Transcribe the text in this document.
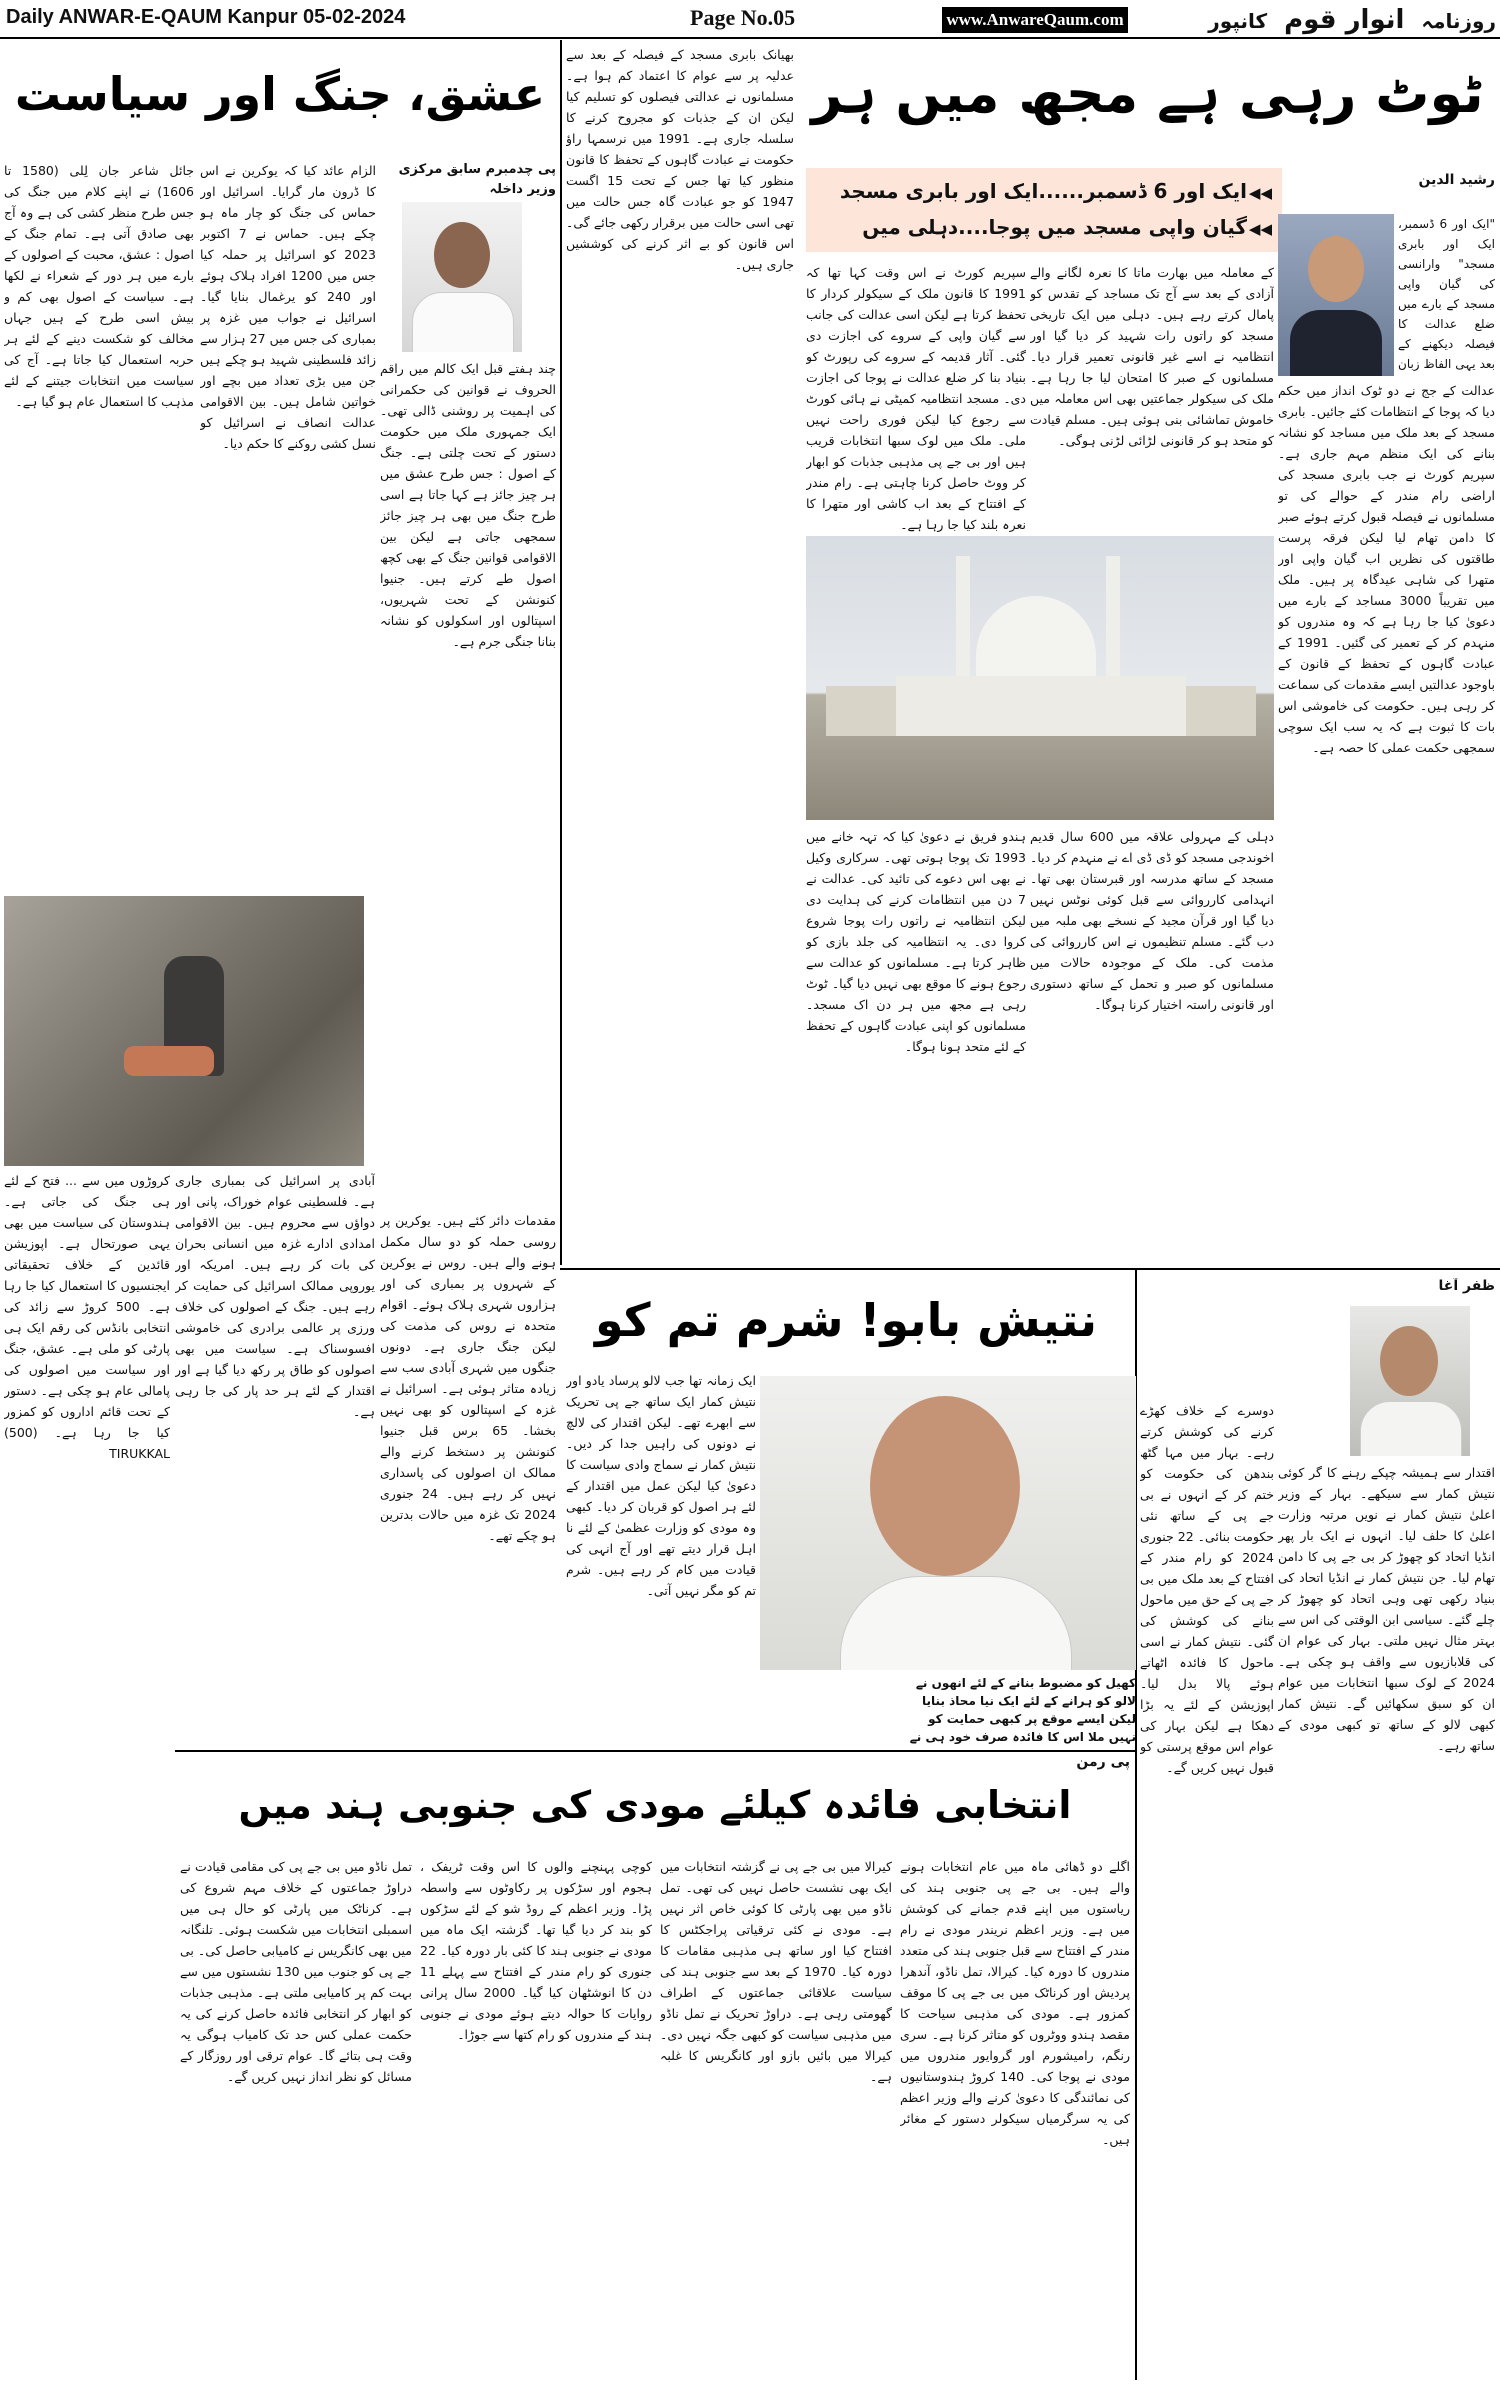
Daily ANWAR-E-QAUM Kanpur 05-02-2024	Page No.05	www.AnwareQaum.com	روزنامہ انوارِ قوم کانپور
ٹوٹ رہی ہے مجھ میں ہر
رشید الدین
◀◀ ایک اور 6 ڈسمبر......ایک اور بابری مسجد
◀◀ گیان واپی مسجد میں پوجا....دہلی میں	"ایک اور 6 ڈسمبر، ایک اور بابری مسجد" وارانسی کی گیان واپی مسجد کے بارے میں ضلع عدالت کا فیصلہ دیکھنے کے بعد یہی الفاظ زبان
عدالت کے جج نے دو ٹوک انداز میں حکم دیا کہ پوجا کے انتظامات کئے جائیں۔ بابری مسجد کے بعد ملک میں مساجد کو نشانہ بنانے کی ایک منظم مہم جاری ہے۔ سپریم کورٹ نے جب بابری مسجد کی اراضی رام مندر کے حوالے کی تو مسلمانوں نے فیصلہ قبول کرتے ہوئے صبر کا دامن تھام لیا لیکن فرقہ پرست طاقتوں کی نظریں اب گیان واپی اور متھرا کی شاہی عیدگاہ پر ہیں۔ ملک میں تقریباً 3000 مساجد کے بارے میں دعویٰ کیا جا رہا ہے کہ وہ مندروں کو منہدم کر کے تعمیر کی گئیں۔ 1991 کے عبادت گاہوں کے تحفظ کے قانون کے باوجود عدالتیں ایسے مقدمات کی سماعت کر رہی ہیں۔ حکومت کی خاموشی اس بات کا ثبوت ہے کہ یہ سب ایک سوچی سمجھی حکمت عملی کا حصہ ہے۔
کے معاملہ میں بھارت ماتا کا نعرہ لگانے والے آزادی کے بعد سے آج تک مساجد کے تقدس کو پامال کرتے رہے ہیں۔ دہلی میں ایک تاریخی مسجد کو راتوں رات شہید کر دیا گیا اور انتظامیہ نے اسے غیر قانونی تعمیر قرار دیا۔ مسلمانوں کے صبر کا امتحان لیا جا رہا ہے۔ ملک کی سیکولر جماعتیں بھی اس معاملہ میں خاموش تماشائی بنی ہوئی ہیں۔ مسلم قیادت کو متحد ہو کر قانونی لڑائی لڑنی ہوگی۔
سپریم کورٹ نے اس وقت کہا تھا کہ 1991 کا قانون ملک کے سیکولر کردار کا تحفظ کرتا ہے لیکن اسی عدالت کی جانب سے گیان واپی کے سروے کی اجازت دی گئی۔ آثار قدیمہ کے سروے کی رپورٹ کو بنیاد بنا کر ضلع عدالت نے پوجا کی اجازت دی۔ مسجد انتظامیہ کمیٹی نے ہائی کورٹ سے رجوع کیا لیکن فوری راحت نہیں ملی۔ ملک میں لوک سبھا انتخابات قریب ہیں اور بی جے پی مذہبی جذبات کو ابھار کر ووٹ حاصل کرنا چاہتی ہے۔ رام مندر کے افتتاح کے بعد اب کاشی اور متھرا کا نعرہ بلند کیا جا رہا ہے۔
بھیانک بابری مسجد کے فیصلہ کے بعد سے عدلیہ پر سے عوام کا اعتماد کم ہوا ہے۔ مسلمانوں نے عدالتی فیصلوں کو تسلیم کیا لیکن ان کے جذبات کو مجروح کرنے کا سلسلہ جاری ہے۔ 1991 میں نرسمہا راؤ حکومت نے عبادت گاہوں کے تحفظ کا قانون منظور کیا تھا جس کے تحت 15 اگست 1947 کو جو عبادت گاہ جس حالت میں تھی اسی حالت میں برقرار رکھی جائے گی۔ اس قانون کو بے اثر کرنے کی کوششیں جاری ہیں۔
دہلی کے مہرولی علاقہ میں 600 سال قدیم اخوندجی مسجد کو ڈی ڈی اے نے منہدم کر دیا۔ مسجد کے ساتھ مدرسہ اور قبرستان بھی تھا۔ انہدامی کارروائی سے قبل کوئی نوٹس نہیں دیا گیا اور قرآن مجید کے نسخے بھی ملبہ میں دب گئے۔ مسلم تنظیموں نے اس کارروائی کی مذمت کی۔ ملک کے موجودہ حالات میں مسلمانوں کو صبر و تحمل کے ساتھ دستوری اور قانونی راستہ اختیار کرنا ہوگا۔
ہندو فریق نے دعویٰ کیا کہ تہہ خانے میں 1993 تک پوجا ہوتی تھی۔ سرکاری وکیل نے بھی اس دعوے کی تائید کی۔ عدالت نے 7 دن میں انتظامات کرنے کی ہدایت دی لیکن انتظامیہ نے راتوں رات پوجا شروع کروا دی۔ یہ انتظامیہ کی جلد بازی کو ظاہر کرتا ہے۔ مسلمانوں کو عدالت سے رجوع ہونے کا موقع بھی نہیں دیا گیا۔ ٹوٹ رہی ہے مجھ میں ہر دن اک مسجد۔ مسلمانوں کو اپنی عبادت گاہوں کے تحفظ کے لئے متحد ہونا ہوگا۔
عشق، جنگ اور سیاست
پی چدمبرم سابق مرکزی وزیر داخلہ
الزام عائد کیا کہ یوکرین نے اس کا ڈرون مار گرایا۔ اسرائیل اور حماس کی جنگ کو چار ماہ ہو چکے ہیں۔ حماس نے 7 اکتوبر 2023 کو اسرائیل پر حملہ کیا جس میں 1200 افراد ہلاک ہوئے اور 240 کو یرغمال بنایا گیا۔ اسرائیل نے جواب میں غزہ پر بمباری کی جس میں 27 ہزار سے زائد فلسطینی شہید ہو چکے ہیں جن میں بڑی تعداد میں بچے اور خواتین شامل ہیں۔ بین الاقوامی عدالت انصاف نے اسرائیل کو نسل کشی روکنے کا حکم دیا۔
چند ہفتے قبل ایک کالم میں راقم الحروف نے قوانین کی حکمرانی کی اہمیت پر روشنی ڈالی تھی۔ ایک جمہوری ملک میں حکومت دستور کے تحت چلتی ہے۔ جنگ کے اصول : جس طرح عشق میں ہر چیز جائز ہے کہا جاتا ہے اسی طرح جنگ میں بھی ہر چیز جائز سمجھی جاتی ہے لیکن بین الاقوامی قوانین جنگ کے بھی کچھ اصول طے کرتے ہیں۔ جنیوا کنونشن کے تحت شہریوں، اسپتالوں اور اسکولوں کو نشانہ بنانا جنگی جرم ہے۔
جائل شاعر جان لِلی (1580 تا 1606) نے اپنے کلام میں جنگ کی جس طرح منظر کشی کی ہے وہ آج بھی صادق آتی ہے۔ تمام جنگ کے اصول : عشق، محبت کے اصولوں کے بارے میں ہر دور کے شعراء نے لکھا ہے۔ سیاست کے اصول بھی کم و بیش اسی طرح کے ہیں جہاں مخالف کو شکست دینے کے لئے ہر حربہ استعمال کیا جاتا ہے۔ آج کی سیاست میں انتخابات جیتنے کے لئے مذہب کا استعمال عام ہو گیا ہے۔
مقدمات دائر کئے ہیں۔ یوکرین پر روسی حملہ کو دو سال مکمل ہونے والے ہیں۔ روس نے یوکرین کے شہروں پر بمباری کی اور ہزاروں شہری ہلاک ہوئے۔ اقوام متحدہ نے روس کی مذمت کی لیکن جنگ جاری ہے۔ دونوں جنگوں میں شہری آبادی سب سے زیادہ متاثر ہوئی ہے۔ اسرائیل نے غزہ کے اسپتالوں کو بھی نہیں بخشا۔ 65 برس قبل جنیوا کنونشن پر دستخط کرنے والے ممالک ان اصولوں کی پاسداری نہیں کر رہے ہیں۔ 24 جنوری 2024 تک غزہ میں حالات بدترین ہو چکے تھے۔
آبادی پر اسرائیل کی بمباری جاری ہے۔ فلسطینی عوام خوراک، پانی اور دواؤں سے محروم ہیں۔ بین الاقوامی امدادی ادارے غزہ میں انسانی بحران کی بات کر رہے ہیں۔ امریکہ اور یوروپی ممالک اسرائیل کی حمایت کر رہے ہیں۔ جنگ کے اصولوں کی خلاف ورزی پر عالمی برادری کی خاموشی افسوسناک ہے۔ سیاست میں بھی اصولوں کو طاق پر رکھ دیا گیا ہے اور اقتدار کے لئے ہر حد پار کی جا رہی ہے۔
کروڑوں میں سے ... فتح کے لئے ہی جنگ کی جاتی ہے۔ ہندوستان کی سیاست میں بھی یہی صورتحال ہے۔ اپوزیشن قائدین کے خلاف تحقیقاتی ایجنسیوں کا استعمال کیا جا رہا ہے۔ 500 کروڑ سے زائد کی انتخابی بانڈس کی رقم ایک ہی پارٹی کو ملی ہے۔ عشق، جنگ اور سیاست میں اصولوں کی پامالی عام ہو چکی ہے۔ دستور کے تحت قائم اداروں کو کمزور کیا جا رہا ہے۔ (500) TIRUKKAL
نتیش بابو! شرم تم کو
ظفر آغا
اقتدار سے ہمیشہ چپکے رہنے کا گر کوئی نتیش کمار سے سیکھے۔ بہار کے وزیر اعلیٰ نتیش کمار نے نویں مرتبہ وزارت اعلیٰ کا حلف لیا۔ انہوں نے ایک بار پھر انڈیا اتحاد کو چھوڑ کر بی جے پی کا دامن تھام لیا۔ جن نتیش کمار نے انڈیا اتحاد کی بنیاد رکھی تھی وہی اتحاد کو چھوڑ کر چلے گئے۔ سیاسی ابن الوقتی کی اس سے بہتر مثال نہیں ملتی۔ بہار کی عوام ان کی قلابازیوں سے واقف ہو چکی ہے۔ 2024 کے لوک سبھا انتخابات میں عوام ان کو سبق سکھائیں گے۔ نتیش کمار کبھی لالو کے ساتھ تو کبھی مودی کے ساتھ رہے۔
دوسرے کے خلاف کھڑے کرنے کی کوشش کرتے رہے۔ بہار میں مہا گٹھ بندھن کی حکومت کو ختم کر کے انہوں نے بی جے پی کے ساتھ نئی حکومت بنائی۔ 22 جنوری 2024 کو رام مندر کے افتتاح کے بعد ملک میں بی جے پی کے حق میں ماحول بنانے کی کوشش کی گئی۔ نتیش کمار نے اسی ماحول کا فائدہ اٹھاتے ہوئے پالا بدل لیا۔ اپوزیشن کے لئے یہ بڑا دھکا ہے لیکن بہار کی عوام اس موقع پرستی کو قبول نہیں کریں گے۔
کھیل کو مضبوط بنانے کے لئے انھوں نے لالو کو ہرانے کے لئے ایک نیا محاذ بنایا لیکن ایسے موقع پر کبھی حمایت کو نہیں ملا اس کا فائدہ صرف خود ہی نے
ایک زمانہ تھا جب لالو پرساد یادو اور نتیش کمار ایک ساتھ جے پی تحریک سے ابھرے تھے۔ لیکن اقتدار کی لالچ نے دونوں کی راہیں جدا کر دیں۔ نتیش کمار نے سماج وادی سیاست کا دعویٰ کیا لیکن عمل میں اقتدار کے لئے ہر اصول کو قربان کر دیا۔ کبھی وہ مودی کو وزارت عظمیٰ کے لئے نا اہل قرار دیتے تھے اور آج انہی کی قیادت میں کام کر رہے ہیں۔ شرم تم کو مگر نہیں آتی۔
انتخابی فائدہ کیلئے مودی کی جنوبی ہند میں
پی رمن
اگلے دو ڈھائی ماہ میں عام انتخابات ہونے والے ہیں۔ بی جے پی جنوبی ہند کی ریاستوں میں اپنے قدم جمانے کی کوشش میں ہے۔ وزیر اعظم نریندر مودی نے رام مندر کے افتتاح سے قبل جنوبی ہند کی متعدد مندروں کا دورہ کیا۔ کیرالا، تمل ناڈو، آندھرا پردیش اور کرناٹک میں بی جے پی کا موقف کمزور ہے۔ مودی کی مذہبی سیاحت کا مقصد ہندو ووٹروں کو متاثر کرنا ہے۔ سری رنگم، رامیشورم اور گروایور مندروں میں مودی نے پوجا کی۔ 140 کروڑ ہندوستانیوں کی نمائندگی کا دعویٰ کرنے والے وزیر اعظم کی یہ سرگرمیاں سیکولر دستور کے مغائر ہیں۔
کیرالا میں بی جے پی نے گزشتہ انتخابات میں ایک بھی نشست حاصل نہیں کی تھی۔ تمل ناڈو میں بھی پارٹی کا کوئی خاص اثر نہیں ہے۔ مودی نے کئی ترقیاتی پراجکٹس کا افتتاح کیا اور ساتھ ہی مذہبی مقامات کا دورہ کیا۔ 1970 کے بعد سے جنوبی ہند کی سیاست علاقائی جماعتوں کے اطراف گھومتی رہی ہے۔ دراوڑ تحریک نے تمل ناڈو میں مذہبی سیاست کو کبھی جگہ نہیں دی۔ کیرالا میں بائیں بازو اور کانگریس کا غلبہ ہے۔
کوچی پہنچنے والوں کا اس وقت ٹریفک ، ہجوم اور سڑکوں پر رکاوٹوں سے واسطہ پڑا۔ وزیر اعظم کے روڈ شو کے لئے سڑکوں کو بند کر دیا گیا تھا۔ گزشتہ ایک ماہ میں مودی نے جنوبی ہند کا کئی بار دورہ کیا۔ 22 جنوری کو رام مندر کے افتتاح سے پہلے 11 دن کا انوشٹھان کیا گیا۔ 2000 سال پرانی روایات کا حوالہ دیتے ہوئے مودی نے جنوبی ہند کے مندروں کو رام کتھا سے جوڑا۔
تمل ناڈو میں بی جے پی کی مقامی قیادت نے دراوڑ جماعتوں کے خلاف مہم شروع کی ہے۔ کرناٹک میں پارٹی کو حال ہی میں اسمبلی انتخابات میں شکست ہوئی۔ تلنگانہ میں بھی کانگریس نے کامیابی حاصل کی۔ بی جے پی کو جنوب میں 130 نشستوں میں سے بہت کم پر کامیابی ملتی ہے۔ مذہبی جذبات کو ابھار کر انتخابی فائدہ حاصل کرنے کی یہ حکمت عملی کس حد تک کامیاب ہوگی یہ وقت ہی بتائے گا۔ عوام ترقی اور روزگار کے مسائل کو نظر انداز نہیں کریں گے۔
